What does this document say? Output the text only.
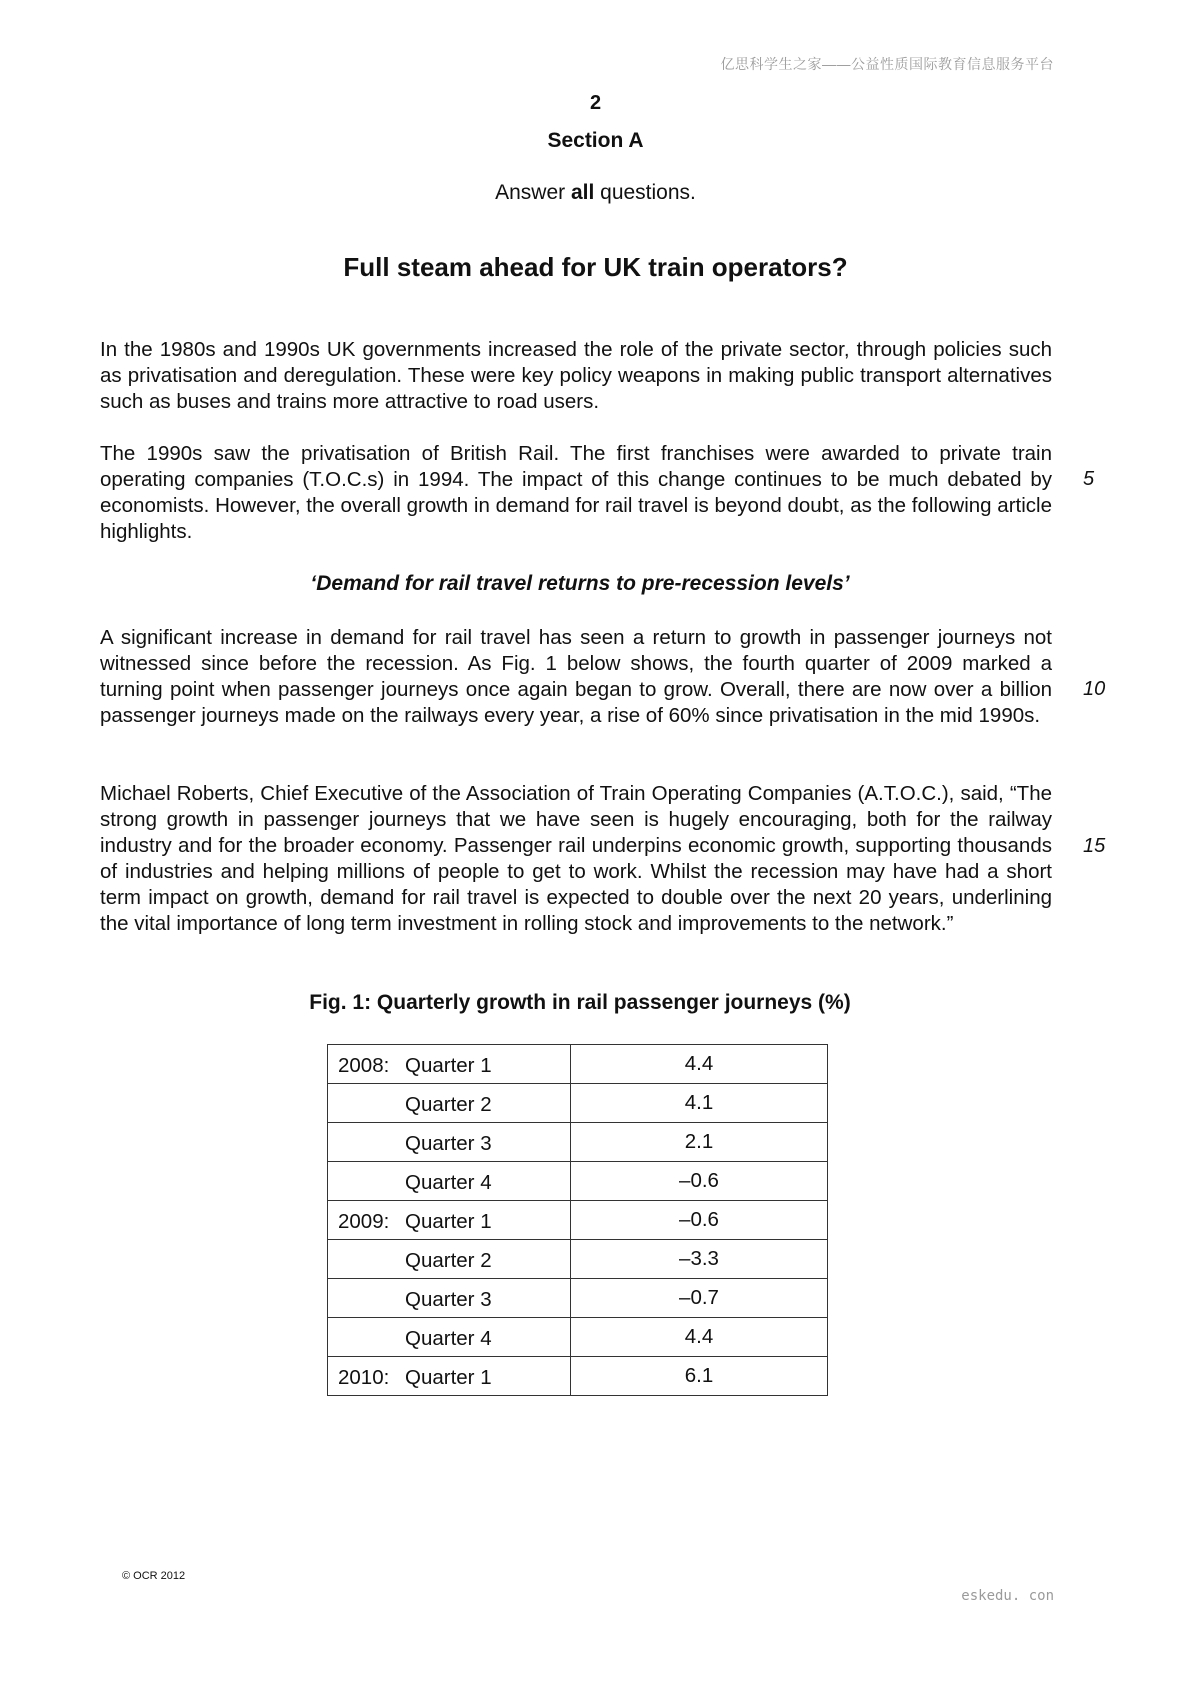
亿思科学生之家——公益性质国际教育信息服务平台
2
Section A
Answer all questions.
Full steam ahead for UK train operators?

In the 1980s and 1990s UK governments increased the role of the private sector, through policies such as privatisation and deregulation. These were key policy weapons in making public transport alternatives such as buses and trains more attractive to road users.

The 1990s saw the privatisation of British Rail. The first franchises were awarded to private train operating companies (T.O.C.s) in 1994. The impact of this change continues to be much debated by economists. However, the overall growth in demand for rail travel is beyond doubt, as the following article highlights.

5
‘Demand for rail travel returns to pre-recession levels’

A significant increase in demand for rail travel has seen a return to growth in passenger journeys not witnessed since before the recession. As Fig. 1 below shows, the fourth quarter of 2009 marked a turning point when passenger journeys once again began to grow. Overall, there are now over a billion passenger journeys made on the railways every year, a rise of 60% since privatisation in the mid 1990s.

10

Michael Roberts, Chief Executive of the Association of Train Operating Companies (A.T.O.C.), said, “The strong growth in passenger journeys that we have seen is hugely encouraging, both for the railway industry and for the broader economy. Passenger rail underpins economic growth, supporting thousands of industries and helping millions of people to get to work. Whilst the recession may have had a short term impact on growth, demand for rail travel is expected to double over the next 20 years, underlining the vital importance of long term investment in rolling stock and improvements to the network.”

15
Fig. 1: Quarterly growth in rail passenger journeys (%)
2008: Quarter 1	4.4

Quarter 2	4.1

Quarter 3	2.1

Quarter 4	–0.6

2009: Quarter 1	–0.6

Quarter 2	–3.3

Quarter 3	–0.7

Quarter 4	4.4

2010: Quarter 1	6.1
© OCR 2012
eskedu. con
